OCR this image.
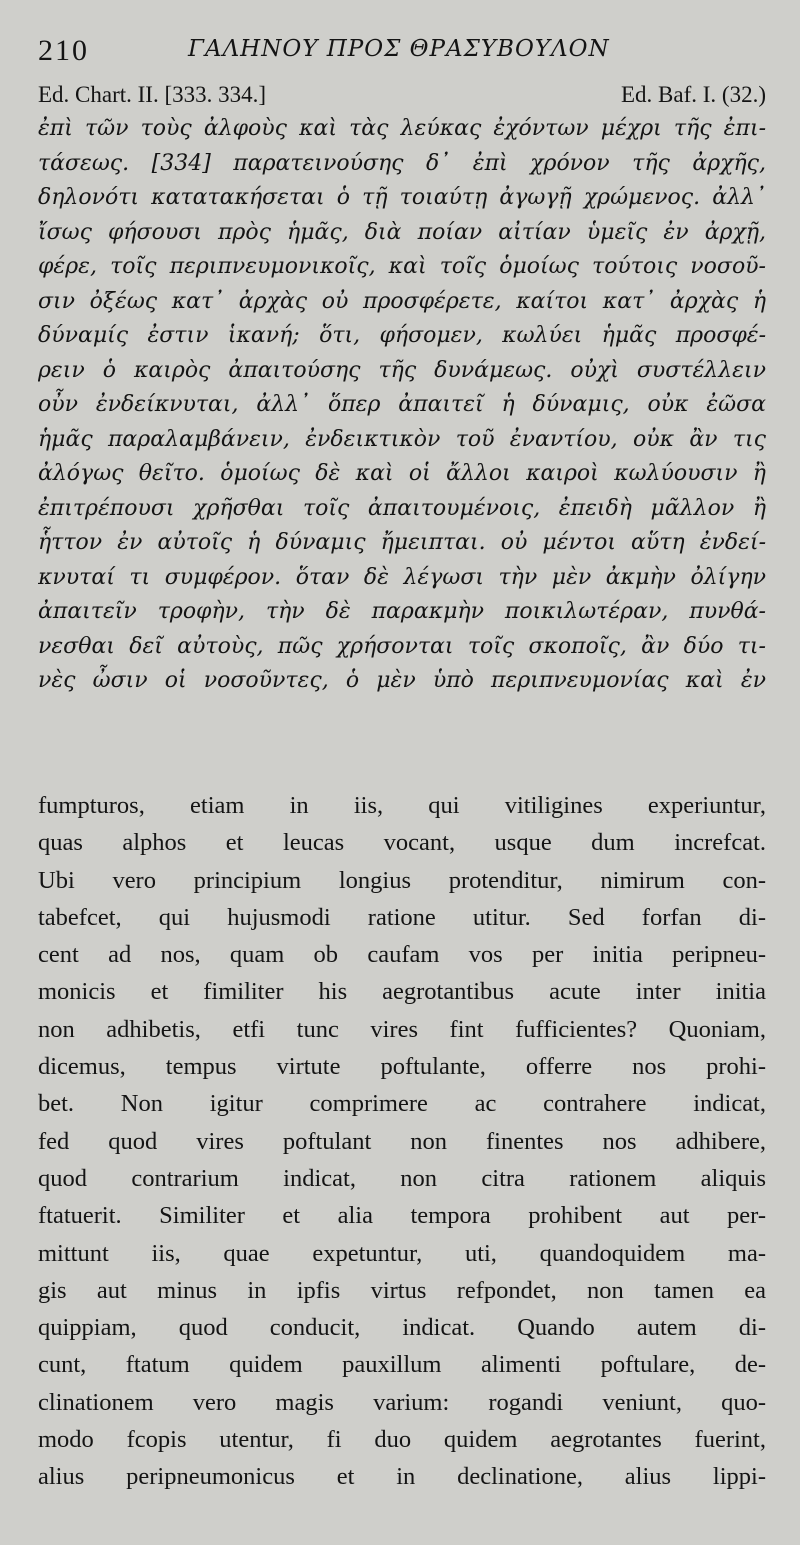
210	ΓΑΛΗΝΟΥ ΠΡΟΣ ΘΡΑΣΥΒΟΥΛΟΝ
Ed. Chart. II. [333. 334.]	Ed. Baf. I. (32.)
ἐπὶ τῶν τοὺς ἀλφοὺς καὶ τὰς λεύκας ἐχόντων μέχρι τῆς ἐπι-
τάσεως. [334] παρατεινούσης δ᾽ ἐπὶ χρόνον τῆς ἀρχῆς,
δηλονότι κατατακήσεται ὁ τῇ τοιαύτῃ ἀγωγῇ χρώμενος. ἀλλ᾽
ἴσως φήσουσι πρὸς ἡμᾶς, διὰ ποίαν αἰτίαν ὑμεῖς ἐν ἀρχῇ,
φέρε, τοῖς περιπνευμονικοῖς, καὶ τοῖς ὁμοίως τούτοις νοσοῦ-
σιν ὀξέως κατ᾽ ἀρχὰς οὐ προσφέρετε, καίτοι κατ᾽ ἀρχὰς ἡ
δύναμίς ἐστιν ἱκανή; ὅτι, φήσομεν, κωλύει ἡμᾶς προσφέ-
ρειν ὁ καιρὸς ἀπαιτούσης τῆς δυνάμεως. οὐχὶ συστέλλειν
οὖν ἐνδείκνυται, ἀλλ᾽ ὅπερ ἀπαιτεῖ ἡ δύναμις, οὐκ ἐῶσα
ἡμᾶς παραλαμβάνειν, ἐνδεικτικὸν τοῦ ἐναντίου, οὐκ ἂν τις
ἀλόγως θεῖτο. ὁμοίως δὲ καὶ οἱ ἄλλοι καιροὶ κωλύουσιν ἢ
ἐπιτρέπουσι χρῆσθαι τοῖς ἀπαιτουμένοις, ἐπειδὴ μᾶλλον ἢ
ἧττον ἐν αὐτοῖς ἡ δύναμις ἤμειπται. οὐ μέντοι αὕτη ἐνδεί-
κνυταί τι συμφέρον. ὅταν δὲ λέγωσι τὴν μὲν ἀκμὴν ὀλίγην
ἀπαιτεῖν τροφὴν, τὴν δὲ παρακμὴν ποικιλωτέραν, πυνθά-
νεσθαι δεῖ αὐτοὺς, πῶς χρήσονται τοῖς σκοποῖς, ἂν δύο τι-
νὲς ὦσιν οἱ νοσοῦντες, ὁ μὲν ὑπὸ περιπνευμονίας καὶ ἐν
fumpturos, etiam in iis, qui vitiligines experiuntur,
quas alphos et leucas vocant, usque dum increfcat.
Ubi vero principium longius protenditur, nimirum con-
tabefcet, qui hujusmodi ratione utitur. Sed forfan di-
cent ad nos, quam ob caufam vos per initia peripneu-
monicis et fimiliter his aegrotantibus acute inter initia
non adhibetis, etfi tunc vires fint fufficientes? Quoniam,
dicemus, tempus virtute poftulante, offerre nos prohi-
bet. Non igitur comprimere ac contrahere indicat,
fed quod vires poftulant non finentes nos adhibere,
quod contrarium indicat, non citra rationem aliquis
ftatuerit. Similiter et alia tempora prohibent aut per-
mittunt iis, quae expetuntur, uti, quandoquidem ma-
gis aut minus in ipfis virtus refpondet, non tamen ea
quippiam, quod conducit, indicat. Quando autem di-
cunt, ftatum quidem pauxillum alimenti poftulare, de-
clinationem vero magis varium: rogandi veniunt, quo-
modo fcopis utentur, fi duo quidem aegrotantes fuerint,
alius peripneumonicus et in declinatione, alius lippi-
